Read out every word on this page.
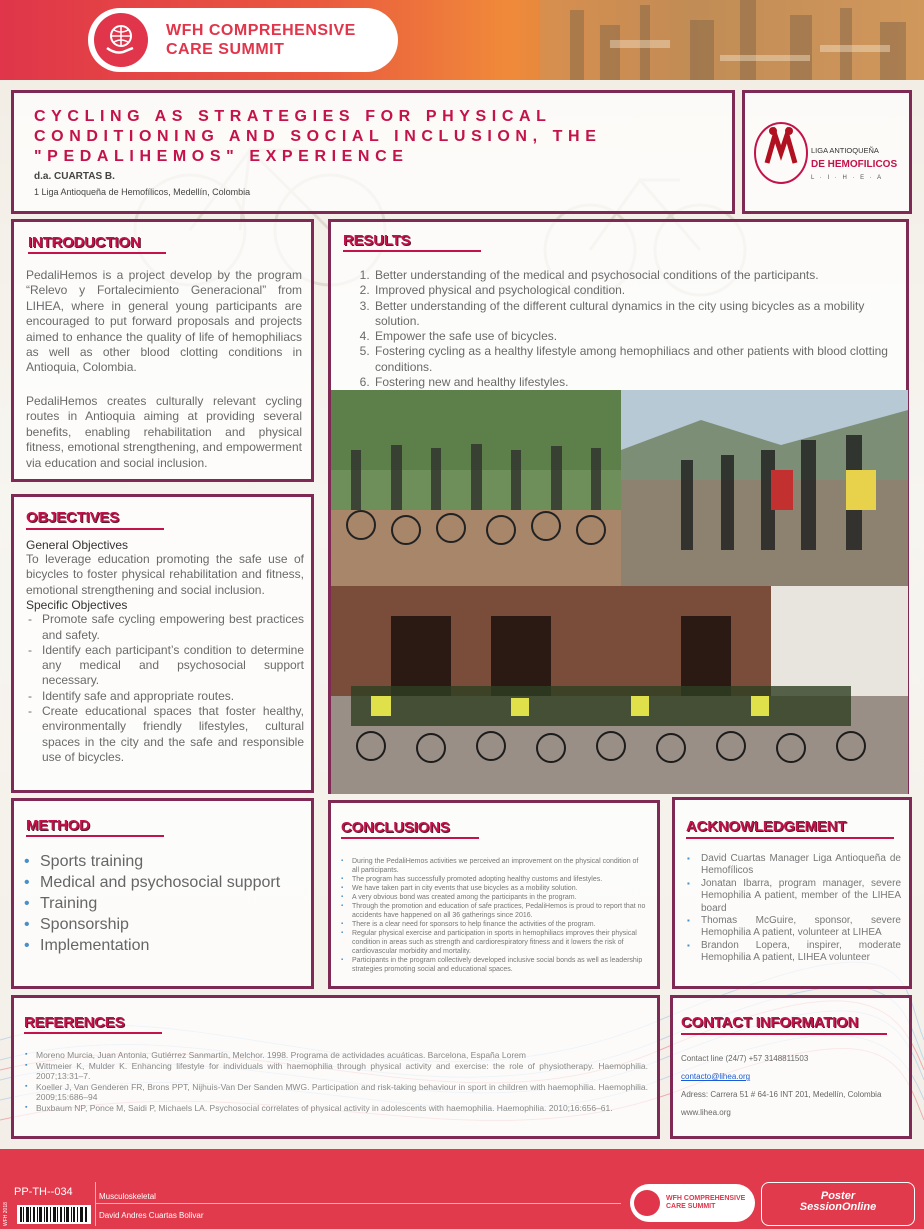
WFH COMPREHENSIVE
CARE SUMMIT
CYCLING AS STRATEGIES FOR PHYSICAL CONDITIONING AND SOCIAL INCLUSION, THE "PEDALIHEMOS" EXPERIENCE
d.a. CUARTAS B.
1 Liga Antioqueña de Hemofílicos, Medellín, Colombia
LIGA ANTIOQUEÑA
DE HEMOFILICOS
L · I · H · E · A
INTRODUCTION

PedaliHemos is a project develop by the program “Relevo y Fortalecimiento Generacional” from LIHEA, where in general young participants are encouraged to put forward proposals and projects aimed to enhance the quality of life of hemophiliacs as well as other blood clotting conditions in Antioquia, Colombia.

PedaliHemos creates culturally relevant cycling routes in Antioquia aiming at providing several benefits, enabling rehabilitation and physical fitness, emotional strengthening, and empowerment via education and social inclusion.

RESULTS
1. Better understanding of the medical and psychosocial conditions of the participants.
2. Improved physical and psychological condition.
3. Better understanding of the different cultural dynamics in the city using bicycles as a mobility solution.
4. Empower the safe use of bicycles.
5. Fostering cycling as a healthy lifestyle among hemophiliacs and other patients with blood clotting conditions.
6. Fostering new and healthy lifestyles.
OBJECTIVES
General Objectives

To leverage education promoting the safe use of bicycles to foster physical rehabilitation and fitness, emotional strengthening and social inclusion.

Specific Objectives
- Promote safe cycling empowering best practices and safety.
- Identify each participant’s condition to determine any medical and psychosocial support necessary.
- Identify safe and appropriate routes.
- Create educational spaces that foster healthy, environmentally friendly lifestyles, cultural spaces in the city and the safe and responsible use of bicycles.
METHOD
• Sports training
• Medical and psychosocial support
• Training
• Sponsorship
• Implementation
CONCLUSIONS
▪ During the PedaliHemos activities we perceived an improvement on the physical condition of all participants.
▪ The program has successfully promoted adopting healthy customs and lifestyles.
▪ We have taken part in city events that use bicycles as a mobility solution.
▪ A very obvious bond was created among the participants in the program.
▪ Through the promotion and education of safe practices, PedaliHemos is proud to report that no accidents have happened on all 36 gatherings since 2016.
▪ There is a clear need for sponsors to help finance the activities of the program.
▪ Regular physical exercise and participation in sports in hemophiliacs improves their physical condition in areas such as strength and cardiorespiratory fitness and it lowers the risk of cardiovascular morbidity and mortality.
▪ Participants in the program collectively developed inclusive social bonds as well as leadership strategies promoting social and educational spaces.
ACKNOWLEDGEMENT
▪ David Cuartas Manager Liga Antioqueña de Hemofílicos
▪ Jonatan Ibarra, program manager, severe Hemophilia A patient, member of the LIHEA board
▪ Thomas McGuire, sponsor, severe Hemophilia A patient, volunteer at LIHEA
▪ Brandon Lopera, inspirer, moderate Hemophilia A patient, LIHEA volunteer
REFERENCES
▪ Moreno Murcia, Juan Antonia, Gutiérrez Sanmartín, Melchor. 1998. Programa de actividades acuáticas. Barcelona, España Lorem
▪ Wittmeier K, Mulder K. Enhancing lifestyle for individuals with haemophilia through physical activity and exercise: the role of physiotherapy. Haemophilia. 2007;13:31–7.
▪ Koeller J, Van Genderen FR, Brons PPT, Nijhuis-Van Der Sanden MWG. Participation and risk-taking behaviour in sport in children with haemophilia. Haemophilia. 2009;15:686–94
▪ Buxbaum NP, Ponce M, Saidi P, Michaels LA. Psychosocial correlates of physical activity in adolescents with haemophilia. Haemophilia. 2010;16:656–61.
CONTACT INFORMATION
Contact line (24/7) +57 3148811503
contacto@lihea.org
Adress: Carrera 51 # 64-16 INT 201, Medellín, Colombia
www.lihea.org
WFH 2018
PP-TH--034	Musculoskeletal
David Andres Cuartas Bolivar
WFH COMPREHENSIVE
CARE SUMMIT
Poster
SessionOnline
